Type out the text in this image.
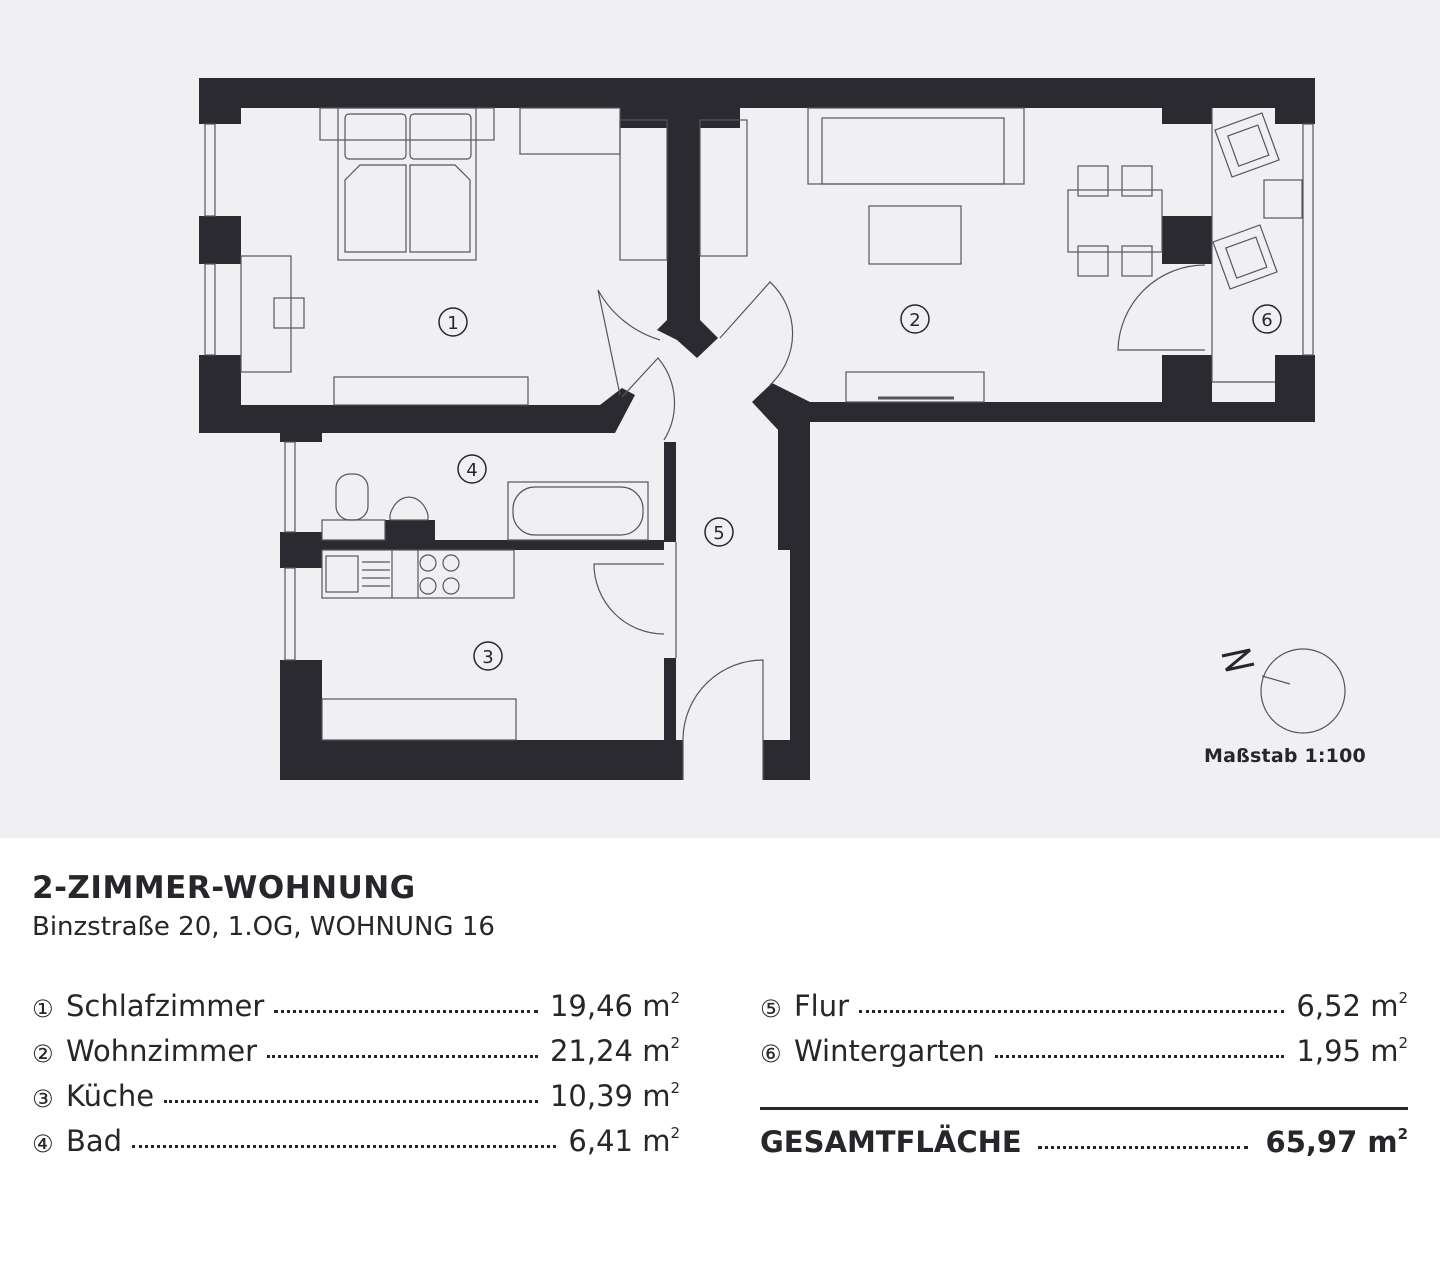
1	2
3
4
5
6
Maßstab 1:100
2-ZIMMER-WOHNUNG
Binzstraße 20, 1.OG, WOHNUNG 16
① Schlafzimmer	19,46 $m^2$
② Wohnzimmer	21,24 $m^2$
③ Küche	10,39 $m^2$
④ Bad	6,41 $m^2$
⑤ Flur	6,52 $m^2$
⑥ Wintergarten	1,95 $m^2$
GESAMTFLÄCHE	65,97 $m^2$
